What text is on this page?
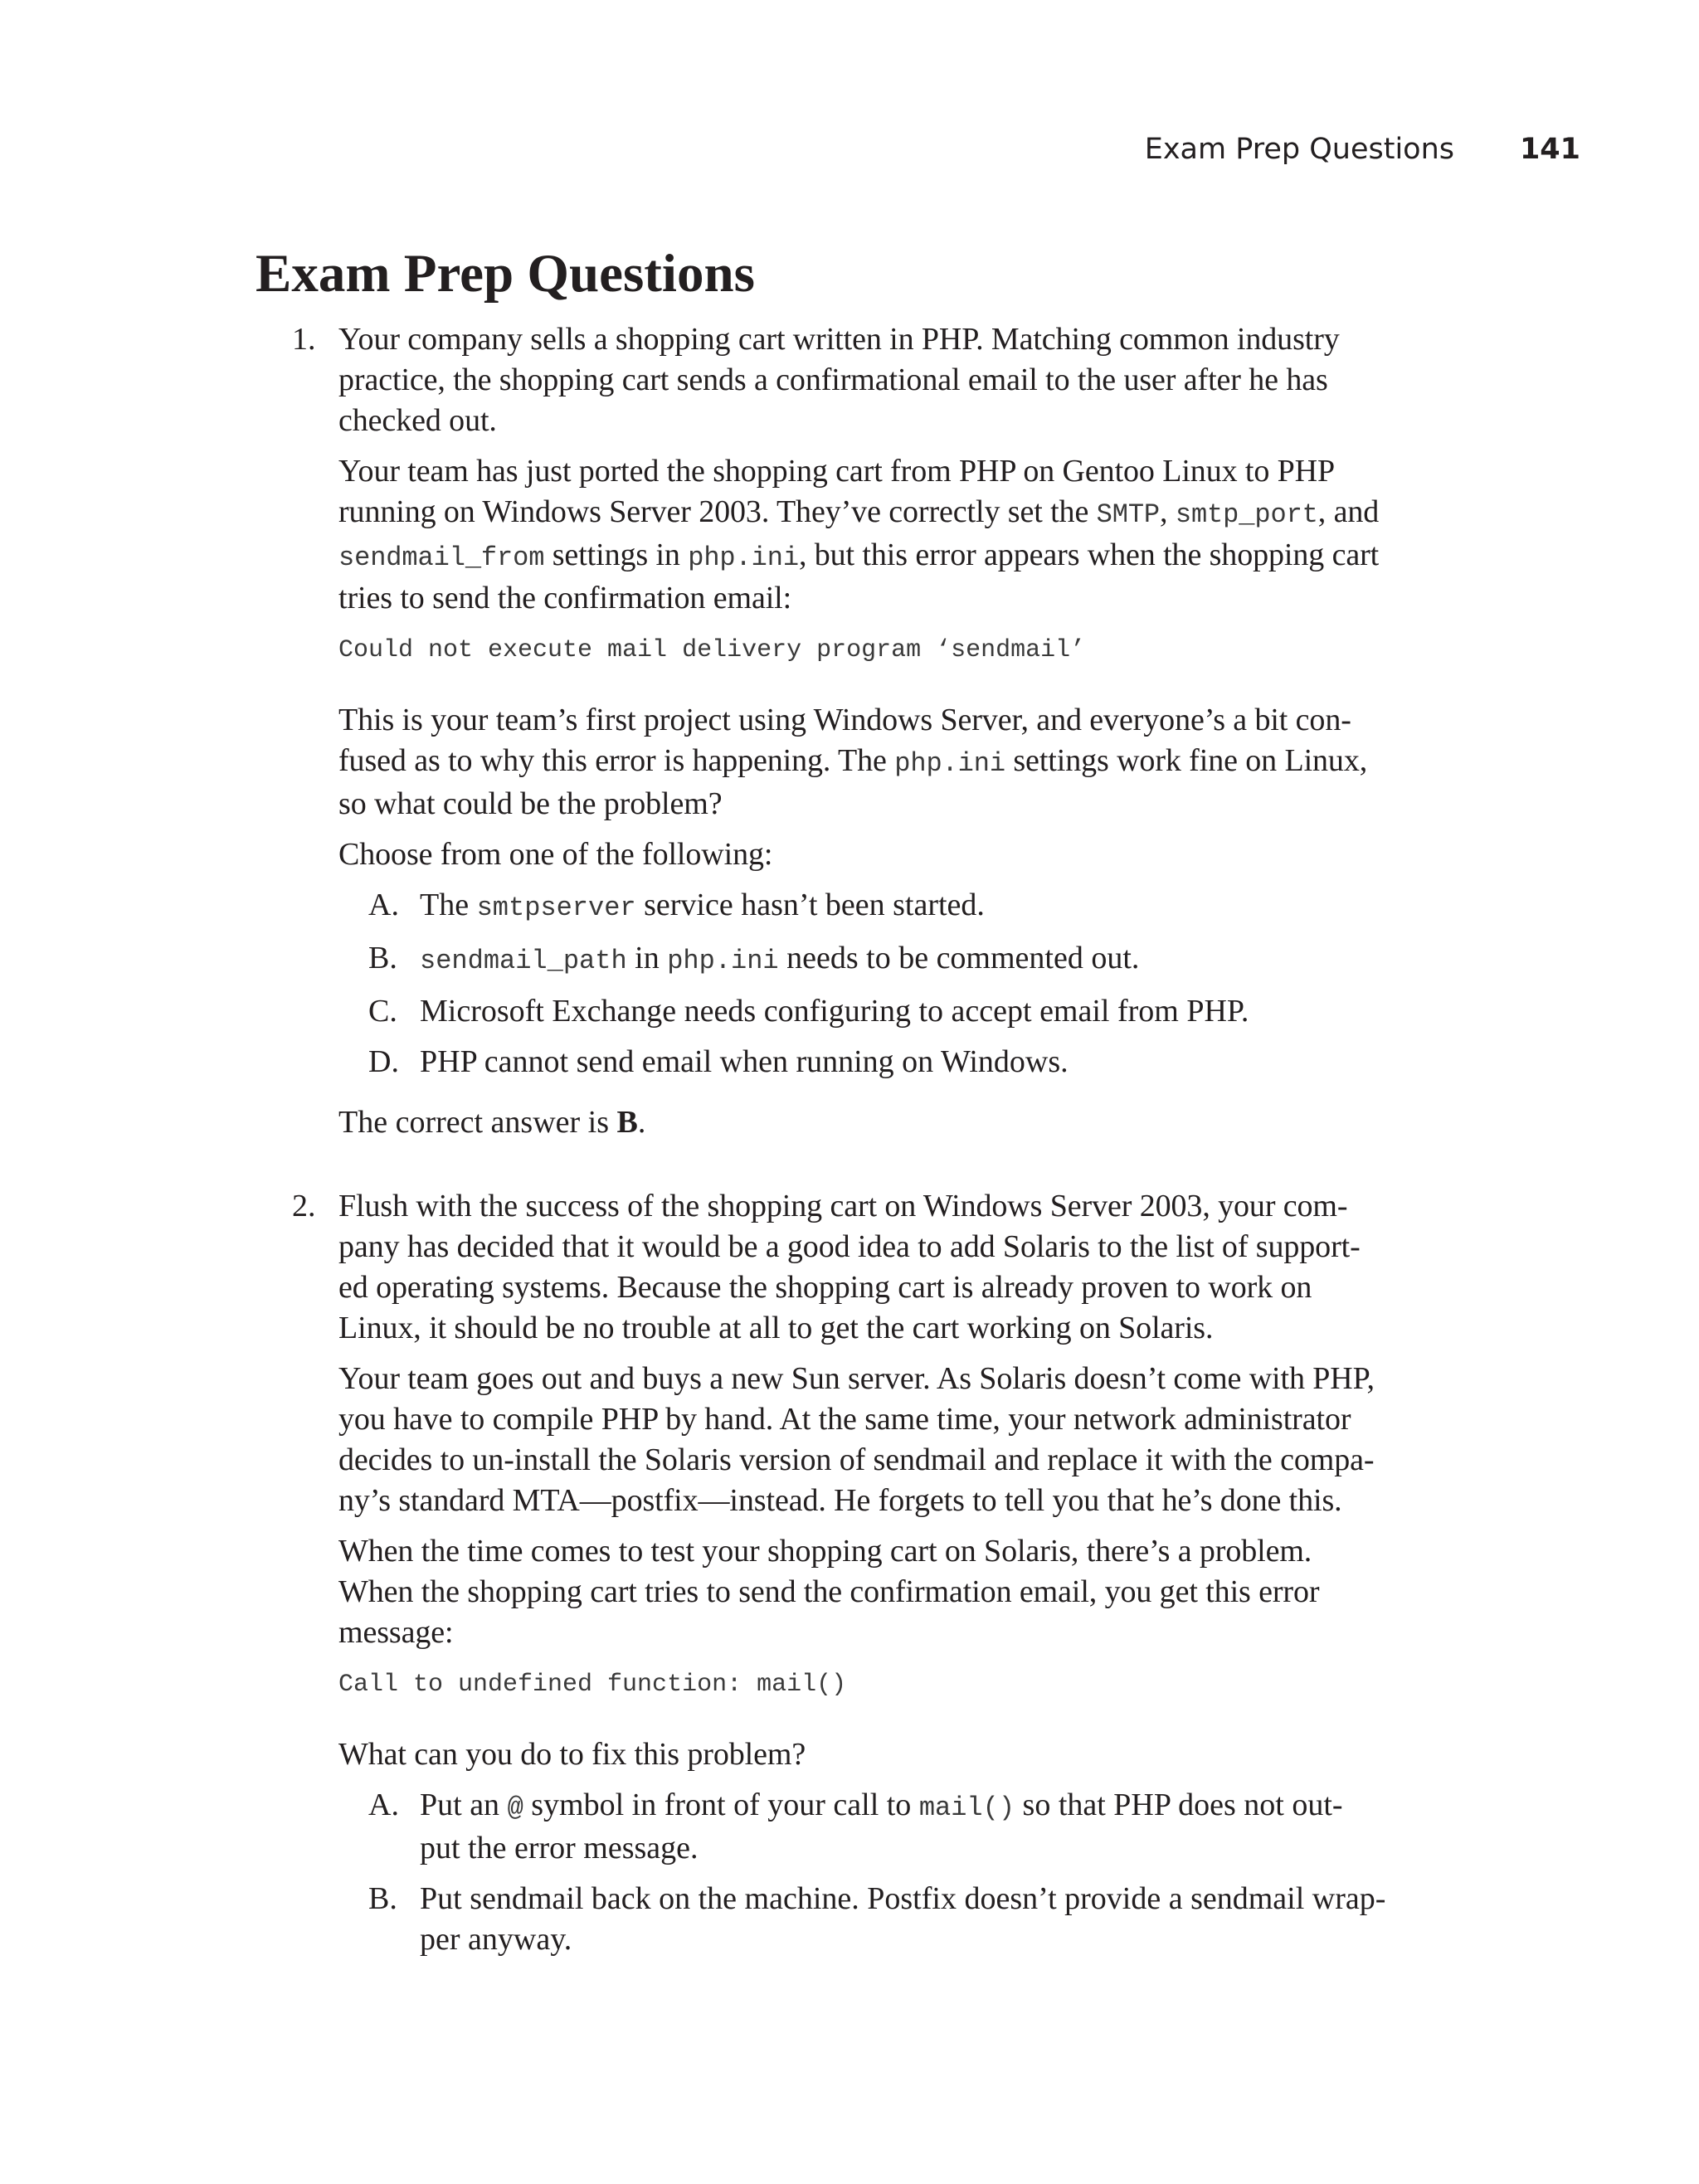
Exam Prep Questions 141
Exam Prep Questions
1. Your company sells a shopping cart written in PHP. Matching common industry
practice, the shopping cart sends a confirmational email to the user after he has
checked out.

Your team has just ported the shopping cart from PHP on Gentoo Linux to PHP
running on Windows Server 2003. They’ve correctly set the SMTP, smtp_port, and
sendmail_from settings in php.ini, but this error appears when the shopping cart
tries to send the confirmation email:

Could not execute mail delivery program ‘sendmail’

This is your team’s first project using Windows Server, and everyone’s a bit con-
fused as to why this error is happening. The php.ini settings work fine on Linux,
so what could be the problem?

Choose from one of the following:

A. The smtpserver service hasn’t been started.
B. sendmail_path in php.ini needs to be commented out.
C. Microsoft Exchange needs configuring to accept email from PHP.
D. PHP cannot send email when running on Windows.

The correct answer is B.

2. Flush with the success of the shopping cart on Windows Server 2003, your com-
pany has decided that it would be a good idea to add Solaris to the list of support-
ed operating systems. Because the shopping cart is already proven to work on
Linux, it should be no trouble at all to get the cart working on Solaris.

Your team goes out and buys a new Sun server. As Solaris doesn’t come with PHP,
you have to compile PHP by hand. At the same time, your network administrator
decides to un-install the Solaris version of sendmail and replace it with the compa-
ny’s standard MTA—postfix—instead. He forgets to tell you that he’s done this.

When the time comes to test your shopping cart on Solaris, there’s a problem.
When the shopping cart tries to send the confirmation email, you get this error
message:

Call to undefined function: mail()

What can you do to fix this problem?

A. Put an @ symbol in front of your call to mail() so that PHP does not out-
put the error message.
B. Put sendmail back on the machine. Postfix doesn’t provide a sendmail wrap-
per anyway.
